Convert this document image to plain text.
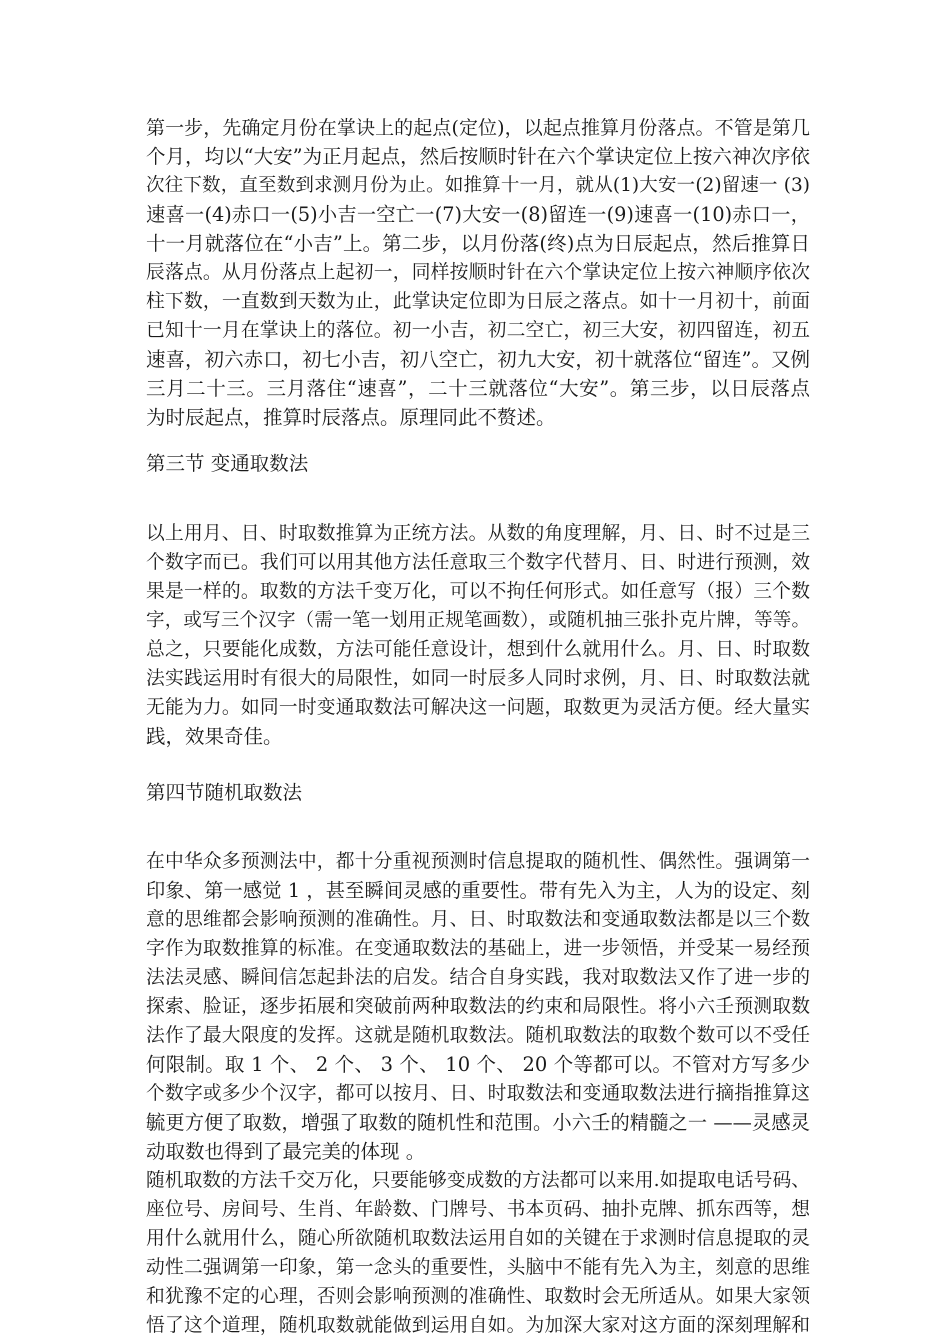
第一步，先确定月份在掌诀上的起点(定位)，以起点推算月份落点。不管是第几
个月，均以“大安”为正月起点，然后按顺时针在六个掌诀定位上按六神次序依
次往下数，直至数到求测月份为止。如推算十一月，就从(1)大安一(2)留速一 (3)
速喜一(4)赤口一(5)小吉一空亡一(7)大安一(8)留连一(9)速喜一(10)赤口一，
十一月就落位在“小吉”上。第二步，以月份落(终)点为日辰起点，然后推算日
辰落点。从月份落点上起初一，同样按顺时针在六个掌诀定位上按六神顺序依次
柱下数，一直数到天数为止，此掌诀定位即为日辰之落点。如十一月初十，前面
已知十一月在掌诀上的落位。初一小吉，初二空亡，初三大安，初四留连，初五
速喜，初六赤口，初七小吉，初八空亡，初九大安，初十就落位“留连”。又例
三月二十三。三月落住“速喜”，二十三就落位“大安”。第三步，以日辰落点
为时辰起点，推算时辰落点。原理同此不赘述。
第三节 变通取数法
以上用月、日、时取数推算为正统方法。从数的角度理解，月、日、时不过是三
个数字而已。我们可以用其他方法任意取三个数字代替月、日、时进行预测，效
果是一样的。取数的方法千变万化，可以不拘任何形式。如任意写（报）三个数
字，或写三个汉字（需一笔一划用正规笔画数），或随机抽三张扑克片牌，等等。
总之，只要能化成数，方法可能任意设计，想到什么就用什么。月、日、时取数
法实践运用时有很大的局限性，如同一时辰多人同时求例，月、日、时取数法就
无能为力。如同一时变通取数法可解决这一问题，取数更为灵活方便。经大量实
践，效果奇佳。
第四节随机取数法
在中华众多预测法中，都十分重视预测时信息提取的随机性、偶然性。强调第一
印象、第一感觉 1 ，甚至瞬间灵感的重要性。带有先入为主，人为的设定、刻
意的思维都会影响预测的准确性。月、日、时取数法和变通取数法都是以三个数
字作为取数推算的标准。在变通取数法的基础上，进一步领悟，并受某一易经预
法法灵感、瞬间信怎起卦法的启发。结合自身实践，我对取数法又作了进一步的
探索、脸证，逐步拓展和突破前两种取数法的约束和局限性。将小六壬预测取数
法作了最大限度的发挥。这就是随机取数法。随机取数法的取数个数可以不受任
何限制。取 1 个、 2 个、 3 个、 10 个、 20 个等都可以。不管对方写多少
个数字或多少个汉字，都可以按月、日、时取数法和变通取数法进行摘指推算这
毓更方便了取数，增强了取数的随机性和范围。小六壬的精髓之一 ——灵感灵
动取数也得到了最完美的体现 。
随机取数的方法千交万化，只要能够变成数的方法都可以来用.如提取电话号码、
座位号、房间号、生肖、年龄数、门牌号、书本页码、抽扑克牌、抓东西等，想
用什么就用什么，随心所欲随机取数法运用自如的关键在于求测时信息提取的灵
动性二强调第一印象，第一念头的重要性，头脑中不能有先入为主，刻意的思维
和犹豫不定的心理，否则会影响预测的准确性、取数时会无所适从。如果大家领
悟了这个道理，随机取数就能做到运用自如。为加深大家对这方面的深刻理解和
